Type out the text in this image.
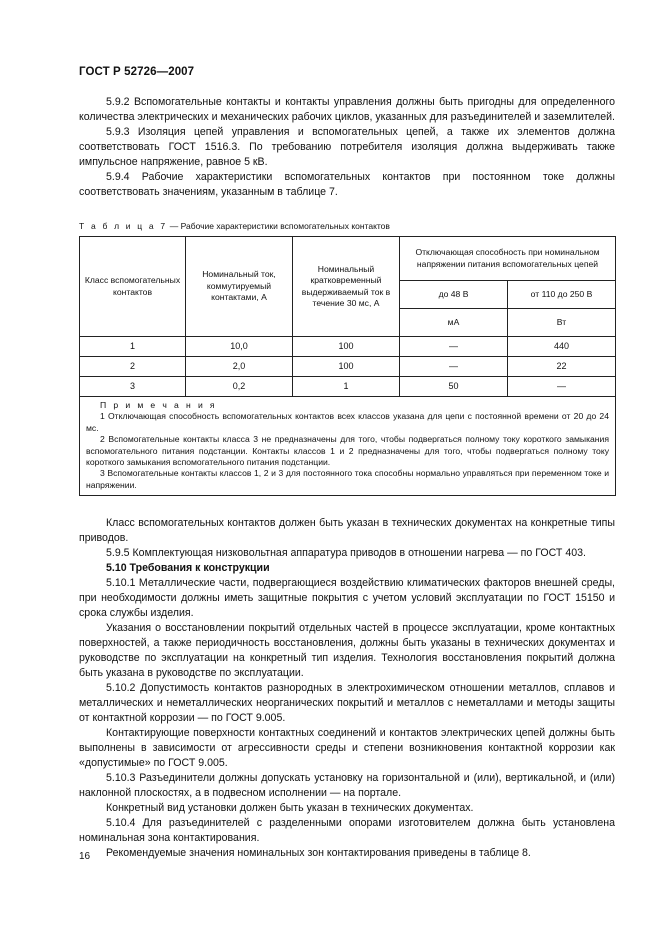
ГОСТ Р 52726—2007

5.9.2 Вспомогательные контакты и контакты управления должны быть пригодны для определенного количества электрических и механических рабочих циклов, указанных для разъединителей и заземлителей.

5.9.3 Изоляция цепей управления и вспомогательных цепей, а также их элементов должна соответствовать ГОСТ 1516.3. По требованию потребителя изоляция должна выдерживать также импульсное напряжение, равное 5 кВ.

5.9.4 Рабочие характеристики вспомогательных контактов при постоянном токе должны соответствовать значениям, указанным в таблице 7.

Т а б л и ц а 7 — Рабочие характеристики вспомогательных контактов
Класс вспомогательных контактов	Номинальный ток, коммутируемый контактами, А	Номинальный кратковременный выдерживаемый ток в течение 30 мс, А	Отключающая способность при номинальном напряжении питания вспомогательных цепей	
			до 48 В	от 110 до 250 В
			мА	Вт
1	10,0	100	—	440
2	2,0	100	—	22
3	0,2	1	50	—

П р и м е ч а н и я

1 Отключающая способность вспомогательных контактов всех классов указана для цепи с постоянной времени от 20 до 24 мс.

2 Вспомогательные контакты класса 3 не предназначены для того, чтобы подвергаться полному току короткого замыкания вспомогательного питания подстанции. Контакты классов 1 и 2 предназначены для того, чтобы подвергаться полному току короткого замыкания вспомогательного питания подстанции.

3 Вспомогательные контакты классов 1, 2 и 3 для постоянного тока способны нормально управляться при переменном токе и напряжении.				

Класс вспомогательных контактов должен быть указан в технических документах на конкретные типы приводов.

5.9.5 Комплектующая низковольтная аппаратура приводов в отношении нагрева — по ГОСТ 403.

5.10 Требования к конструкции

5.10.1 Металлические части, подвергающиеся воздействию климатических факторов внешней среды, при необходимости должны иметь защитные покрытия с учетом условий эксплуатации по ГОСТ 15150 и срока службы изделия.

Указания о восстановлении покрытий отдельных частей в процессе эксплуатации, кроме контактных поверхностей, а также периодичность восстановления, должны быть указаны в технических документах и руководстве по эксплуатации на конкретный тип изделия. Технология восстановления покрытий должна быть указана в руководстве по эксплуатации.

5.10.2 Допустимость контактов разнородных в электрохимическом отношении металлов, сплавов и металлических и неметаллических неорганических покрытий и металлов с неметаллами и методы защиты от контактной коррозии — по ГОСТ 9.005.

Контактирующие поверхности контактных соединений и контактов электрических цепей должны быть выполнены в зависимости от агрессивности среды и степени возникновения контактной коррозии как «допустимые» по ГОСТ 9.005.

5.10.3 Разъединители должны допускать установку на горизонтальной и (или), вертикальной, и (или) наклонной плоскостях, а в подвесном исполнении — на портале.

Конкретный вид установки должен быть указан в технических документах.

5.10.4 Для разъединителей с разделенными опорами изготовителем должна быть установлена номинальная зона контактирования.

Рекомендуемые значения номинальных зон контактирования приведены в таблице 8.

16
